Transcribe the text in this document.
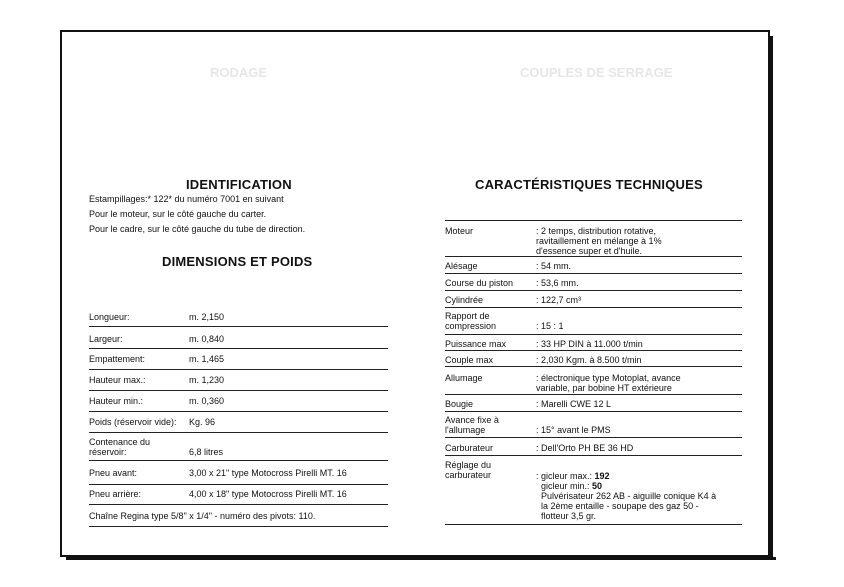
RODAGE	COUPLES DE SERRAGE
IDENTIFICATION
Estampillages:* 122* du numéro 7001 en suivant
Pour le moteur, sur le côté gauche du carter.
Pour le cadre, sur le côté gauche du tube de direction.
DIMENSIONS ET POIDS
Longueur:	m. 2,150
Largeur:	m. 0,840
Empattement:	m. 1,465
Hauteur max.:	m. 1,230
Hauteur min.:	m. 0,360
Poids (réservoir vide): Kg. 96
Contenance du réservoir:	6,8 litres
Pneu avant:	3,00 x 21" type Motocross Pirelli MT. 16
Pneu arrière:	4,00 x 18" type Motocross Pirelli MT. 16
Chaîne Regina type 5/8" x 1/4" - numéro des pivots: 110.
CARACTÉRISTIQUES TECHNIQUES
Moteur	: 2 temps, distribution rotative, ravitaillement en mélange à 1% d'essence super et d'huile.
Alésage	: 54 mm.
Course du piston	: 53,6 mm.
Cylindrée	: 122,7 cm³
Rapport de compression	: 15 : 1
Puissance max	: 33 HP DIN à 11.000 t/min
Couple max	: 2,030 Kgm. à 8.500 t/min
Allumage	: électronique type Motoplat, avance variable, par bobine HT extérieure
Bougie	: Marelli CWE 12 L
Avance fixe à l'allumage	: 15° avant le PMS
Carburateur	: Dell'Orto PH BE 36 HD
Réglage du carburateur	: gicleur max.: 192
gicleur min.: 50
Pulvérisateur 262 AB - aiguille conique K4 à la 2ème entaille - soupape des gaz 50 - flotteur 3,5 gr.
